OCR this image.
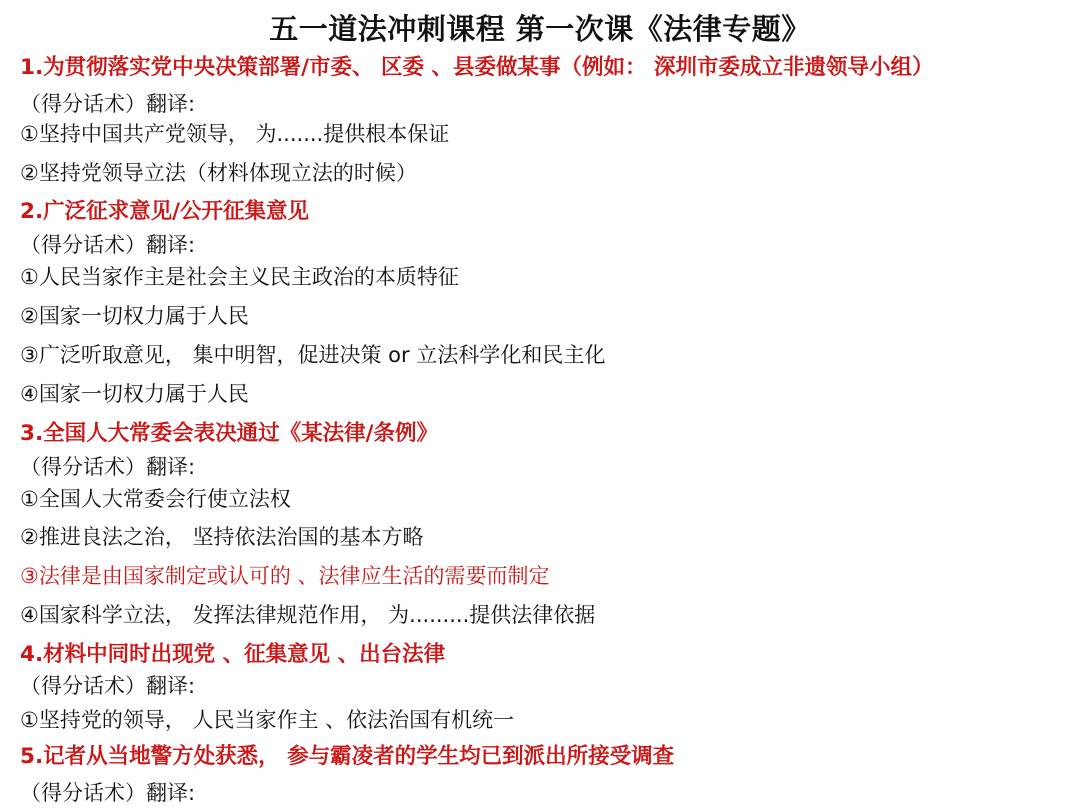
五一道法冲刺课程 第一次课《法律专题》
1.为贯彻落实党中央决策部署/市委、 区委 、县委做某事（例如： 深圳市委成立非遗领导小组）
（得分话术）翻译:
①坚持中国共产党领导， 为.......提供根本保证
②坚持党领导立法（材料体现立法的时候）
2.广泛征求意见/公开征集意见
（得分话术）翻译:
①人民当家作主是社会主义民主政治的本质特征
②国家一切权力属于人民
③广泛听取意见， 集中明智，促进决策 or 立法科学化和民主化
④国家一切权力属于人民
3.全国人大常委会表决通过《某法律/条例》
（得分话术）翻译:
①全国人大常委会行使立法权
②推进良法之治， 坚持依法治国的基本方略
③法律是由国家制定或认可的 、法律应生活的需要而制定
④国家科学立法， 发挥法律规范作用， 为.........提供法律依据
4.材料中同时出现党 、征集意见 、出台法律
（得分话术）翻译:
①坚持党的领导， 人民当家作主 、依法治国有机统一
5.记者从当地警方处获悉， 参与霸凌者的学生均已到派出所接受调查
（得分话术）翻译:
